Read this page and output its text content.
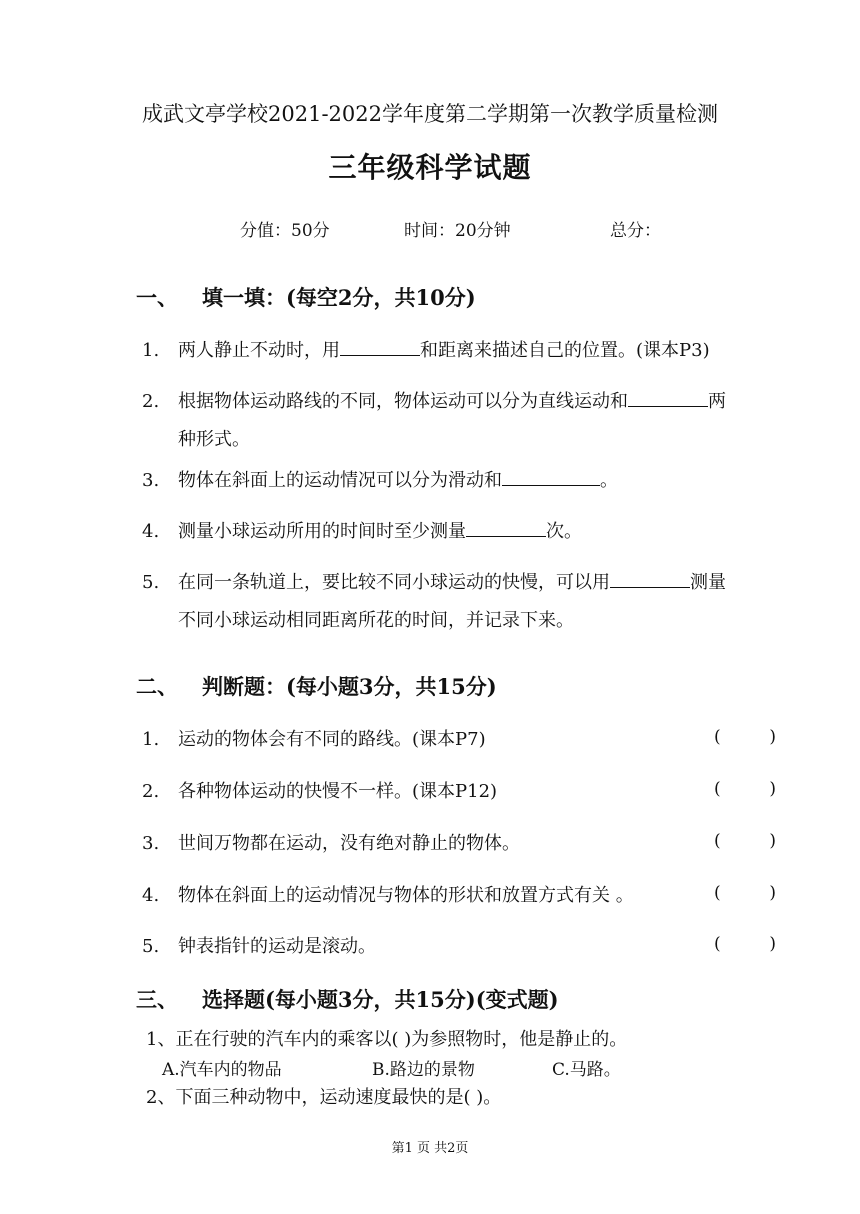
成武文亭学校2021-2022学年度第二学期第一次教学质量检测
三年级科学试题
分值：50分	时间：20分钟	总分：
一、 填一填：(每空2分，共10分)
1. 两人静止不动时，用	和距离来描述自己的位置。(课本P3)
2. 根据物体运动路线的不同，物体运动可以分为直线运动和	两
种形式。
3. 物体在斜面上的运动情况可以分为滑动和	。
4. 测量小球运动所用的时间时至少测量	次。
5. 在同一条轨道上，要比较不同小球运动的快慢，可以用	测量
不同小球运动相同距离所花的时间，并记录下来。
二、 判断题：(每小题3分，共15分)
1. 运动的物体会有不同的路线。(课本P7)	(	)
2. 各种物体运动的快慢不一样。(课本P12)	(	)
3. 世间万物都在运动，没有绝对静止的物体。	(	)
4. 物体在斜面上的运动情况与物体的形状和放置方式有关 。	(	)
5. 钟表指针的运动是滚动。	(	)
三、 选择题(每小题3分，共15分)(变式题)
1、正在行驶的汽车内的乘客以( )为参照物时，他是静止的。
A.汽车内的物品	B.路边的景物	C.马路。
2、下面三种动物中，运动速度最快的是( )。
第1 页 共2页
